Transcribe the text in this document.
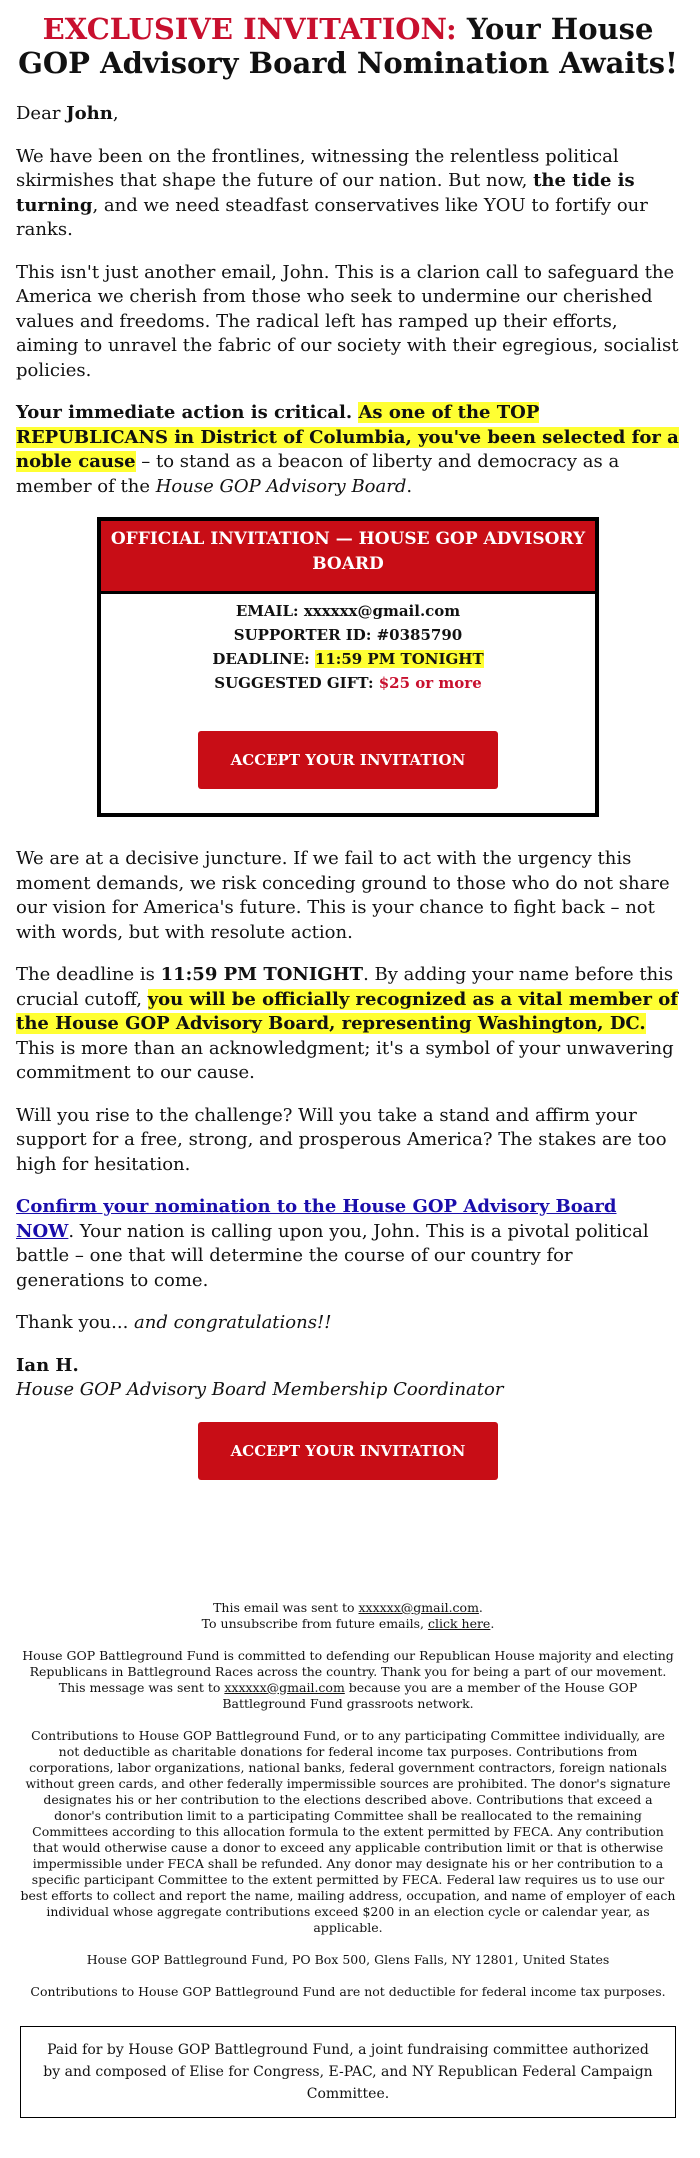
EXCLUSIVE INVITATION: Your House GOP Advisory Board Nomination Awaits!

Dear John,

We have been on the frontlines, witnessing the relentless political skirmishes that shape the future of our nation. But now, the tide is turning, and we need steadfast conservatives like YOU to fortify our ranks.

This isn't just another email, John. This is a clarion call to safeguard the America we cherish from those who seek to undermine our cherished values and freedoms. The radical left has ramped up their efforts, aiming to unravel the fabric of our society with their egregious, socialist policies.

Your immediate action is critical. As one of the TOP REPUBLICANS in District of Columbia, you've been selected for a noble cause – to stand as a beacon of liberty and democracy as a member of the House GOP Advisory Board.

OFFICIAL INVITATION — HOUSE GOP ADVISORY BOARD
EMAIL: xxxxxx@gmail.com
SUPPORTER ID: #0385790
DEADLINE: 11:59 PM TONIGHT
SUGGESTED GIFT: $25 or more
ACCEPT YOUR INVITATION

We are at a decisive juncture. If we fail to act with the urgency this moment demands, we risk conceding ground to those who do not share our vision for America's future. This is your chance to fight back – not with words, but with resolute action.

The deadline is 11:59 PM TONIGHT. By adding your name before this crucial cutoff, you will be officially recognized as a vital member of the House GOP Advisory Board, representing Washington, DC. This is more than an acknowledgment; it's a symbol of your unwavering commitment to our cause.

Will you rise to the challenge? Will you take a stand and affirm your support for a free, strong, and prosperous America? The stakes are too high for hesitation.

Confirm your nomination to the House GOP Advisory Board NOW. Your nation is calling upon you, John. This is a pivotal political battle – one that will determine the course of our country for generations to come.

Thank you... and congratulations!!

Ian H.
House GOP Advisory Board Membership Coordinator
ACCEPT YOUR INVITATION

This email was sent to xxxxxx@gmail.com.
To unsubscribe from future emails, click here.

House GOP Battleground Fund is committed to defending our Republican House majority and electing Republicans in Battleground Races across the country. Thank you for being a part of our movement. This message was sent to xxxxxx@gmail.com because you are a member of the House GOP Battleground Fund grassroots network.

Contributions to House GOP Battleground Fund, or to any participating Committee individually, are not deductible as charitable donations for federal income tax purposes. Contributions from corporations, labor organizations, national banks, federal government contractors, foreign nationals without green cards, and other federally impermissible sources are prohibited. The donor's signature designates his or her contribution to the elections described above. Contributions that exceed a donor's contribution limit to a participating Committee shall be reallocated to the remaining Committees according to this allocation formula to the extent permitted by FECA. Any contribution that would otherwise cause a donor to exceed any applicable contribution limit or that is otherwise impermissible under FECA shall be refunded. Any donor may designate his or her contribution to a specific participant Committee to the extent permitted by FECA. Federal law requires us to use our best efforts to collect and report the name, mailing address, occupation, and name of employer of each individual whose aggregate contributions exceed $200 in an election cycle or calendar year, as applicable.

House GOP Battleground Fund, PO Box 500, Glens Falls, NY 12801, United States

Contributions to House GOP Battleground Fund are not deductible for federal income tax purposes.

Paid for by House GOP Battleground Fund, a joint fundraising committee authorized by and composed of Elise for Congress, E-PAC, and NY Republican Federal Campaign Committee.
